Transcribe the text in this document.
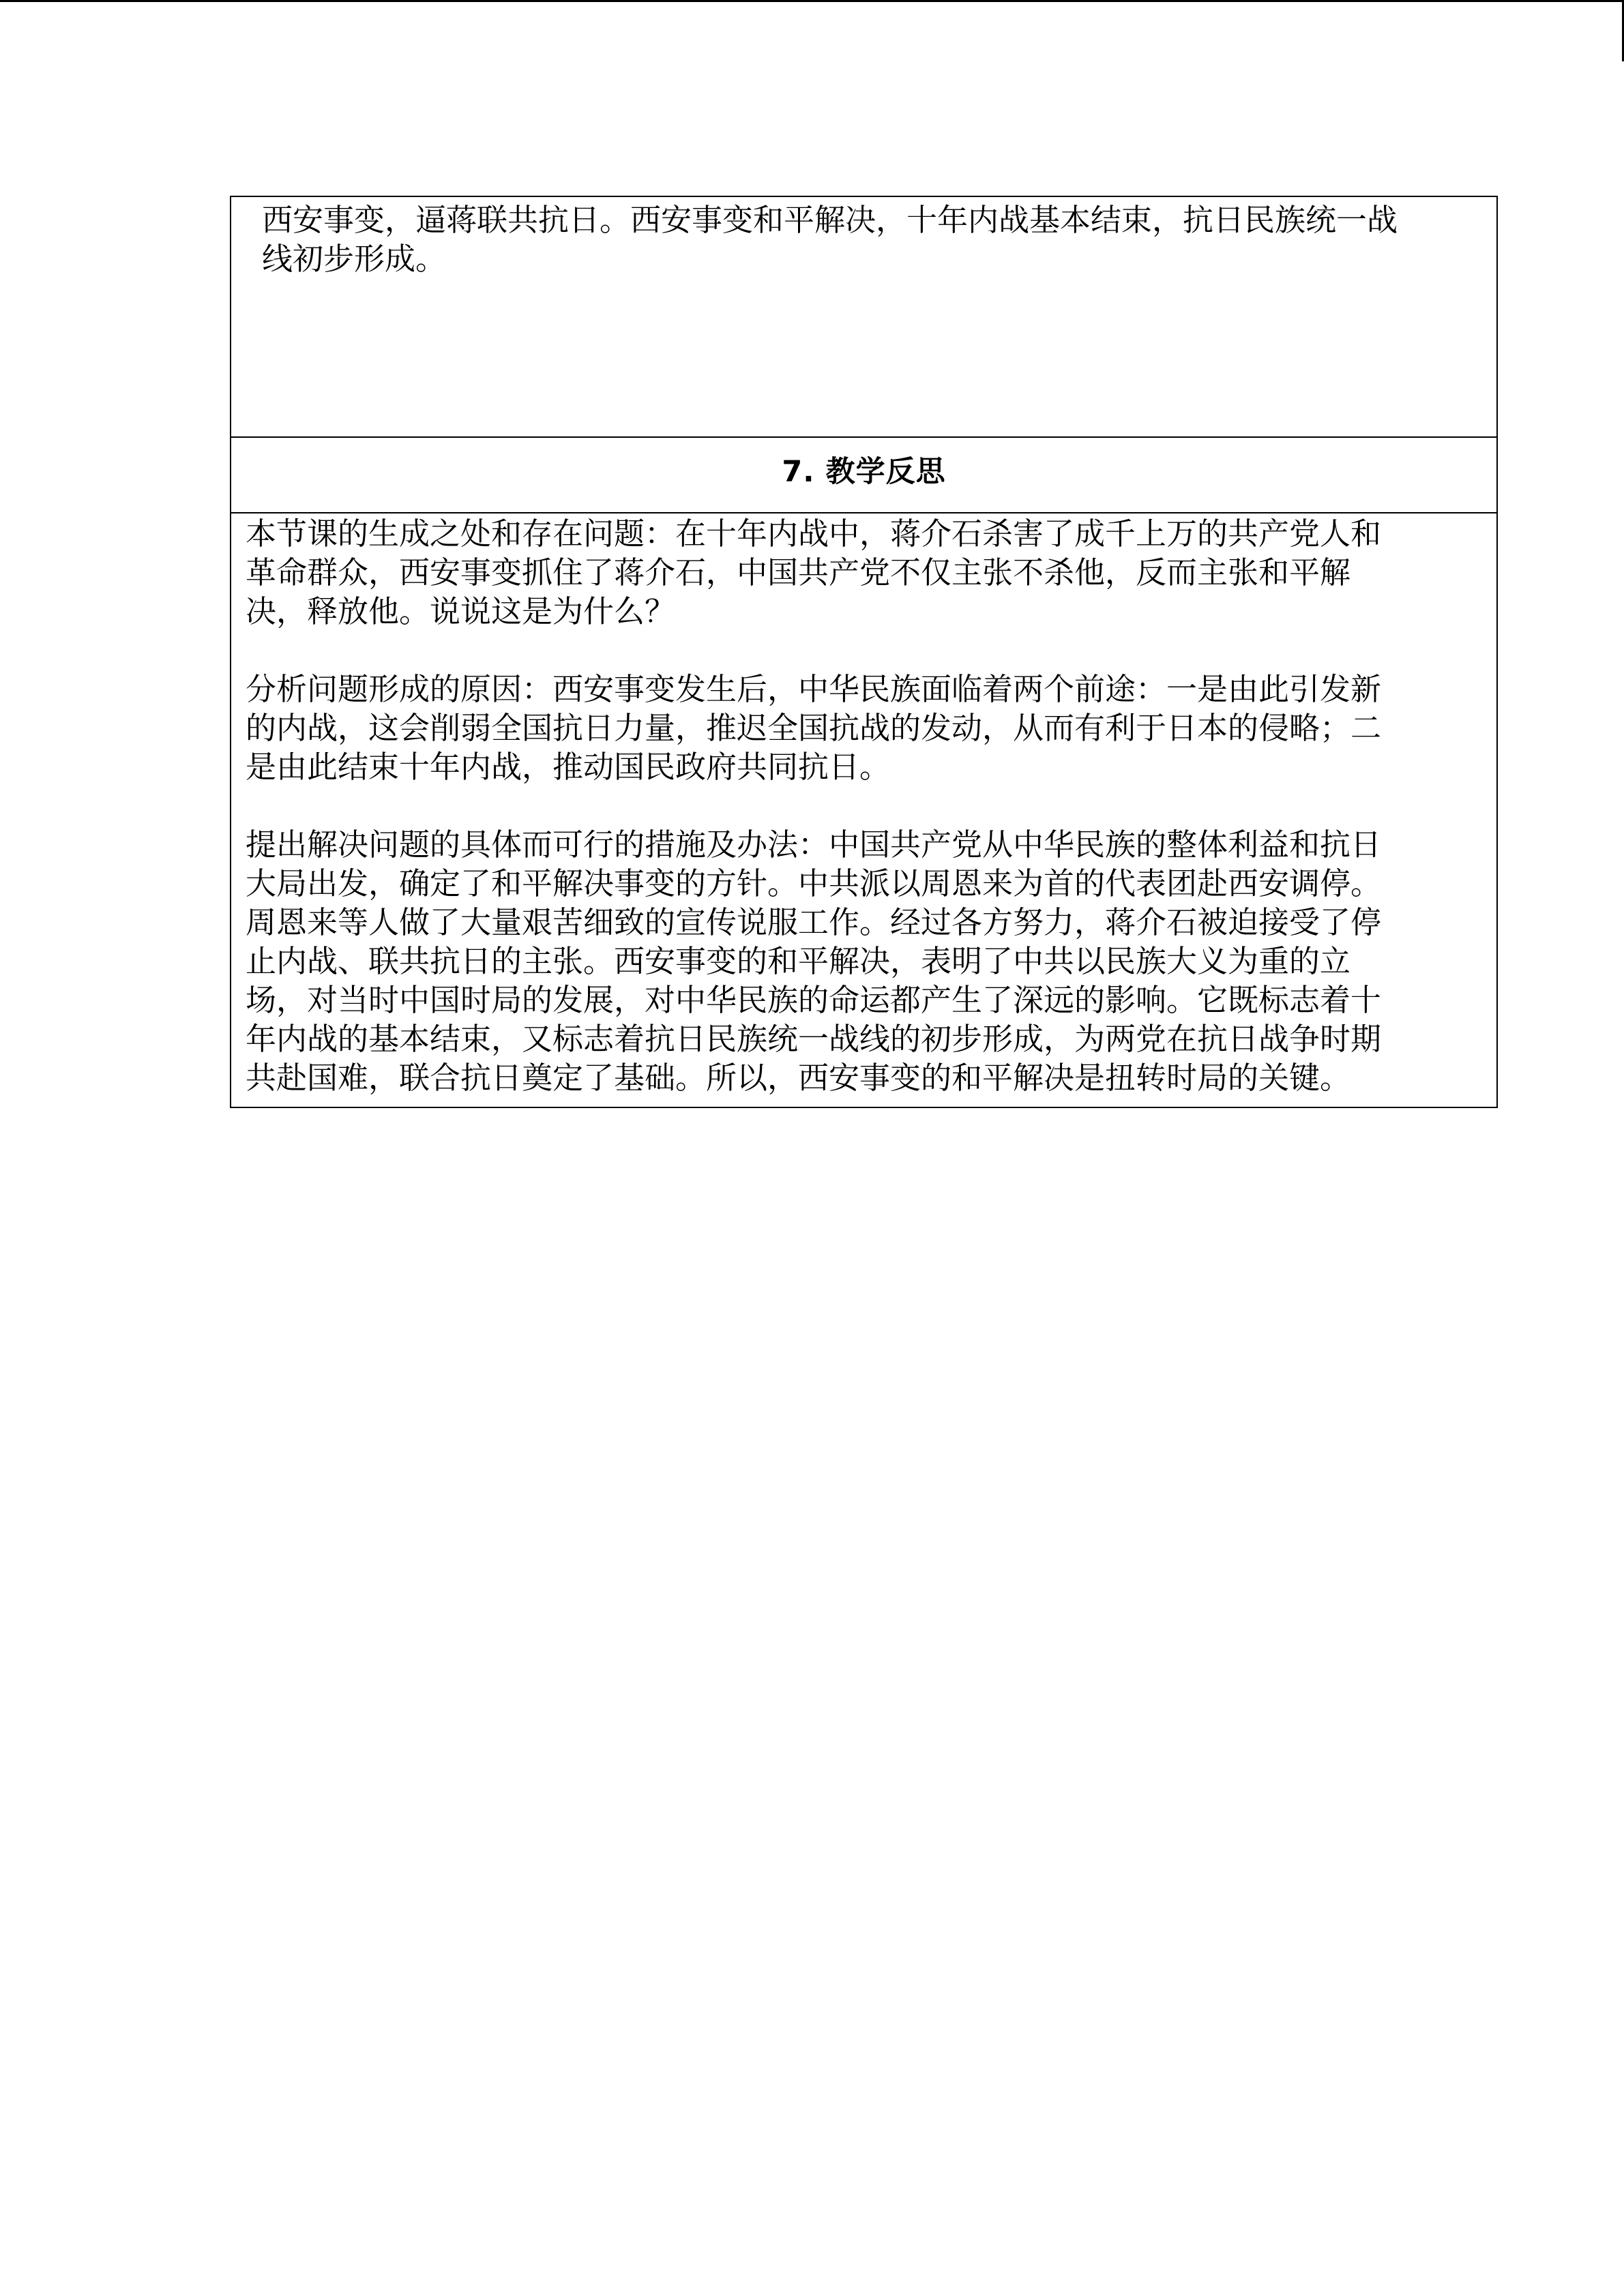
西安事变，逼蒋联共抗日。西安事变和平解决，十年内战基本结束，抗日民族统一战

线初步形成。

7. 教学反思

本节课的生成之处和存在问题：在十年内战中，蒋介石杀害了成千上万的共产党人和

革命群众，西安事变抓住了蒋介石，中国共产党不仅主张不杀他，反而主张和平解

决，释放他。说说这是为什么？

分析问题形成的原因：西安事变发生后，中华民族面临着两个前途：一是由此引发新

的内战，这会削弱全国抗日力量，推迟全国抗战的发动，从而有利于日本的侵略；二

是由此结束十年内战，推动国民政府共同抗日。

提出解决问题的具体而可行的措施及办法：中国共产党从中华民族的整体利益和抗日

大局出发，确定了和平解决事变的方针。中共派以周恩来为首的代表团赴西安调停。

周恩来等人做了大量艰苦细致的宣传说服工作。经过各方努力，蒋介石被迫接受了停

止内战、联共抗日的主张。西安事变的和平解决，表明了中共以民族大义为重的立

场，对当时中国时局的发展，对中华民族的命运都产生了深远的影响。它既标志着十

年内战的基本结束，又标志着抗日民族统一战线的初步形成，为两党在抗日战争时期

共赴国难，联合抗日奠定了基础。所以，西安事变的和平解决是扭转时局的关键。
